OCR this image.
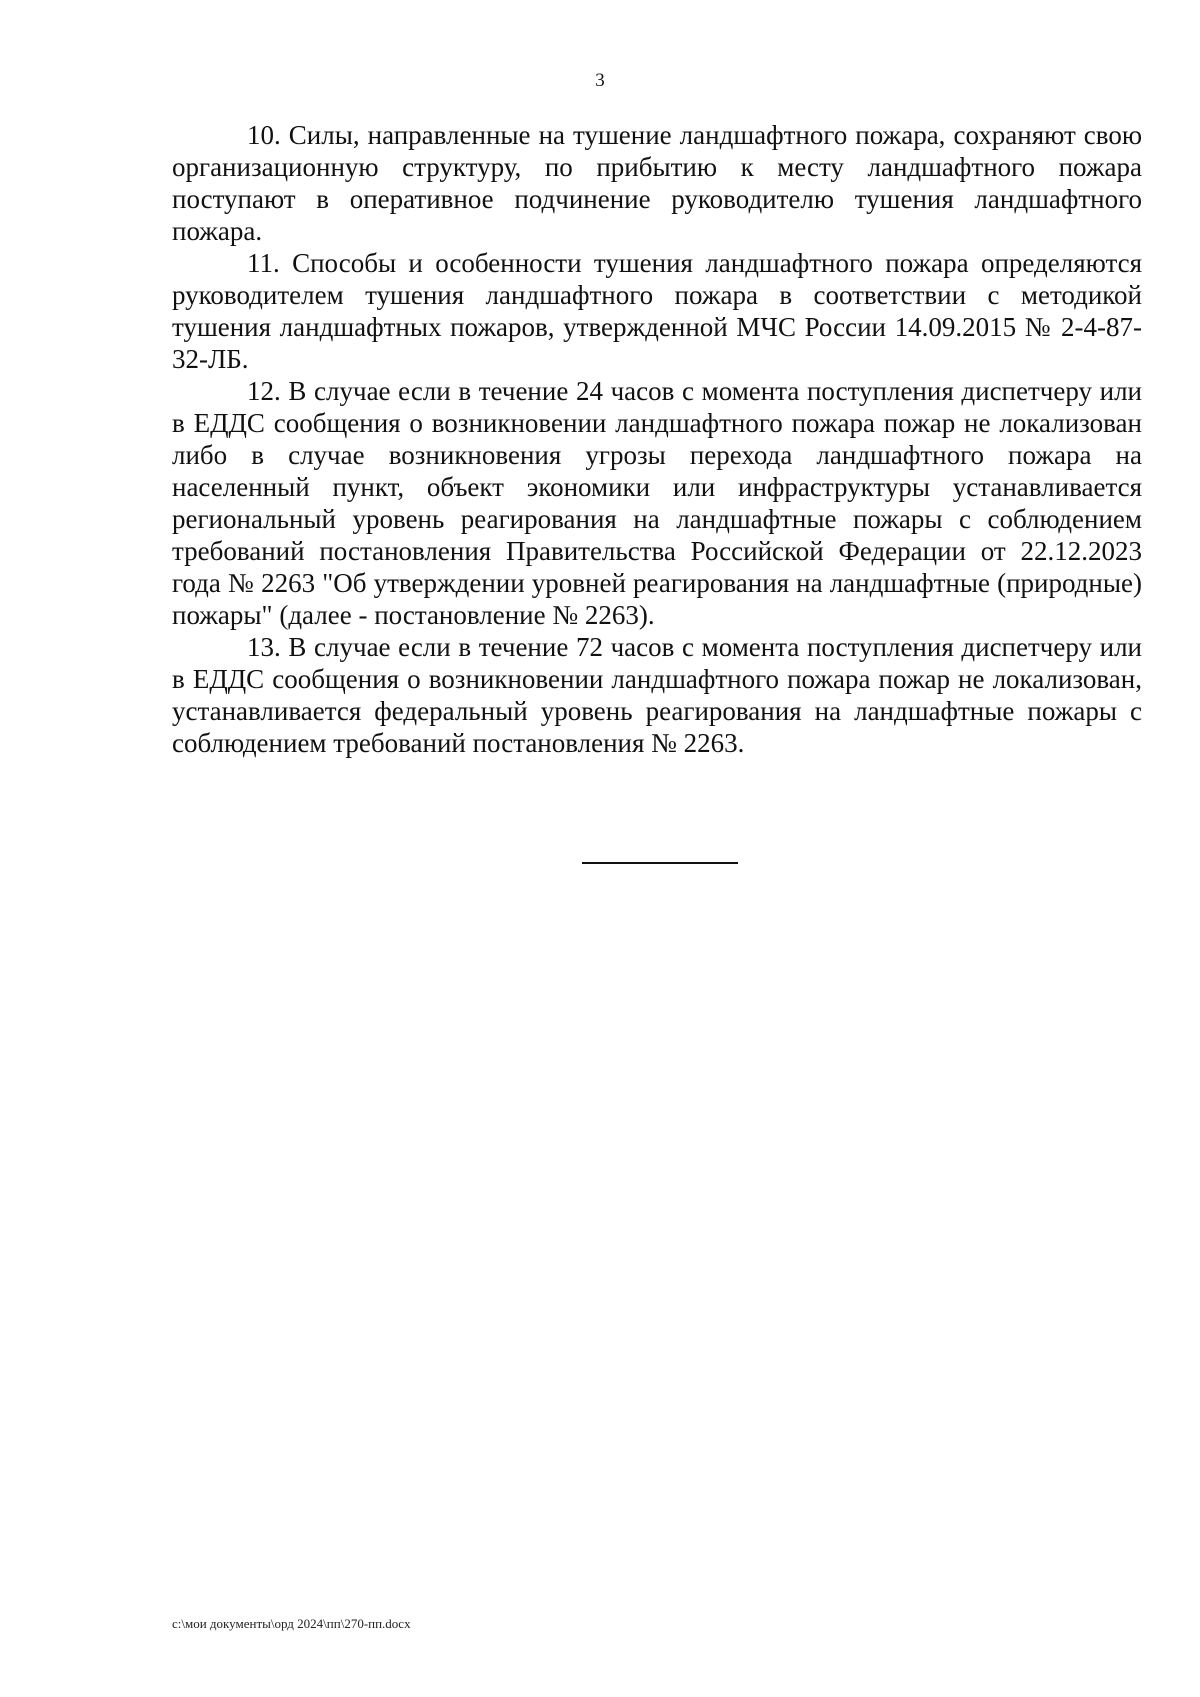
3

10. Силы, направленные на тушение ландшафтного пожара, сохраняют свою организационную структуру, по прибытию к месту ландшафтного пожара поступают в оперативное подчинение руководителю тушения ландшафтного пожара.

11. Способы и особенности тушения ландшафтного пожара определяются руководителем тушения ландшафтного пожара в соответствии с методикой тушения ландшафтных пожаров, утвержденной МЧС России 14.09.2015 № 2-4-87-32-ЛБ.

12. В случае если в течение 24 часов с момента поступления диспетчеру или в ЕДДС сообщения о возникновении ландшафтного пожара пожар не локализован либо в случае возникновения угрозы перехода ландшафтного пожара на населенный пункт, объект экономики или инфраструктуры устанавливается региональный уровень реагирования на ландшафтные пожары с соблюдением требований постановления Правительства Российской Федерации от 22.12.2023 года № 2263 "Об утверждении уровней реагирования на ландшафтные (природные) пожары" (далее - постановление № 2263).

13. В случае если в течение 72 часов с момента поступления диспетчеру или в ЕДДС сообщения о возникновении ландшафтного пожара пожар не локализован, устанавливается федеральный уровень реагирования на ландшафтные пожары с соблюдением требований постановления № 2263.

c:\мои документы\орд 2024\пп\270-пп.docx
